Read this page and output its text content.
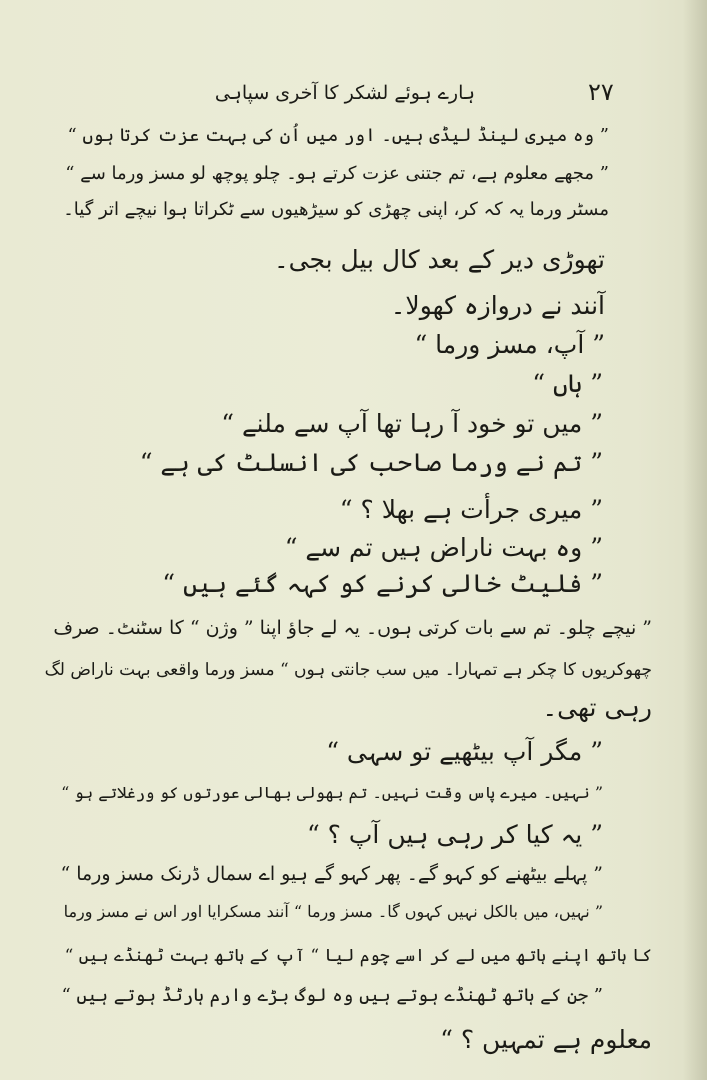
ہارے ہوئے لشکر کا آخری سپاہی	۲۷
” وہ میری لینڈ لیڈی ہیں۔ اور میں اُن کی بہت عزت کرتا ہوں “
” مجھے معلوم ہے، تم جتنی عزت کرتے ہو۔ چلو پوچھ لو مسز ورما سے “
مسٹر ورما یہ کہ کر، اپنی چھڑی کو سیڑھیوں سے ٹکراتا ہوا نیچے اتر گیا۔
تھوڑی دیر کے بعد کال بیل بجی۔
آنند نے دروازہ کھولا۔
” آپ، مسز ورما “
” ہاں “
” میں تو خود آ رہا تھا آپ سے ملنے “
” تم نے ورما صاحب کی انسلٹ کی ہے “
” میری جرأت ہے بھلا ؟ “
” وہ بہت ناراض ہیں تم سے “
” فلیٹ خالی کرنے کو کہہ گئے ہیں “
” نیچے چلو۔ تم سے بات کرتی ہوں۔ یہ لے جاؤ اپنا ” وژن “ کا سٹنٹ۔ صرف
چھوکریوں کا چکر ہے تمہارا۔ میں سب جانتی ہوں “ مسز ورما واقعی بہت ناراض لگ
رہی تھی۔
” مگر آپ بیٹھیے تو سہی “
” نہیں۔ میرے پاس وقت نہیں۔ تم بھولی بھالی عورتوں کو ورغلاتے ہو “
” یہ کیا کر رہی ہیں آپ ؟ “
” پہلے بیٹھنے کو کہو گے۔ پھر کہو گے ہیو اے سمال ڈرنک مسز ورما “
” نہیں، میں بالکل نہیں کہوں گا۔ مسز ورما “ آنند مسکرایا اور اس نے مسز ورما
کا ہاتھ اپنے ہاتھ میں لے کر اسے چوم لیا “ آپ کے ہاتھ بہت ٹھنڈے ہیں “
” جن کے ہاتھ ٹھنڈے ہوتے ہیں وہ لوگ بڑے وارم ہارٹڈ ہوتے ہیں “
معلوم ہے تمہیں ؟ “
